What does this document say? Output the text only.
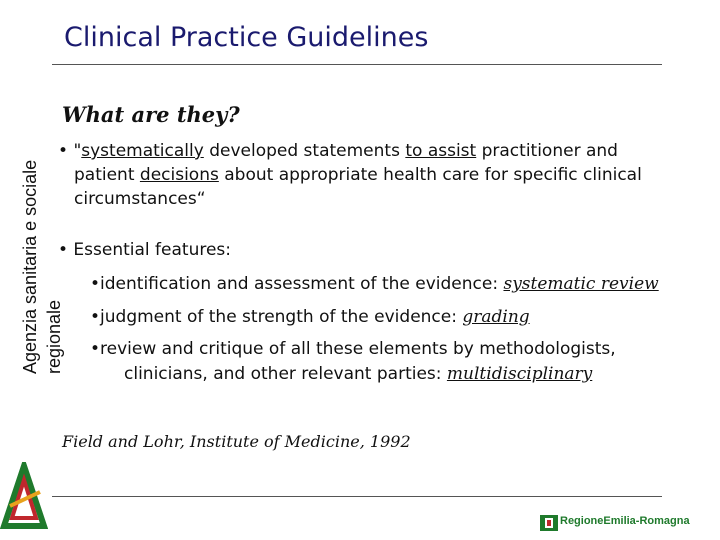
Clinical Practice Guidelines
Agenzia sanitaria e sociale regionale
What are they?
• "systematically developed statements to assist practitioner and
patient decisions about appropriate health care for specific clinical
circumstances“
• Essential features:
•identification and assessment of the evidence: systematic review
•judgment of the strength of the evidence: grading
•review and critique of all these elements by methodologists,
clinicians, and other relevant parties: multidisciplinary
Field and Lohr, Institute of Medicine, 1992
RegioneEmilia-Romagna
